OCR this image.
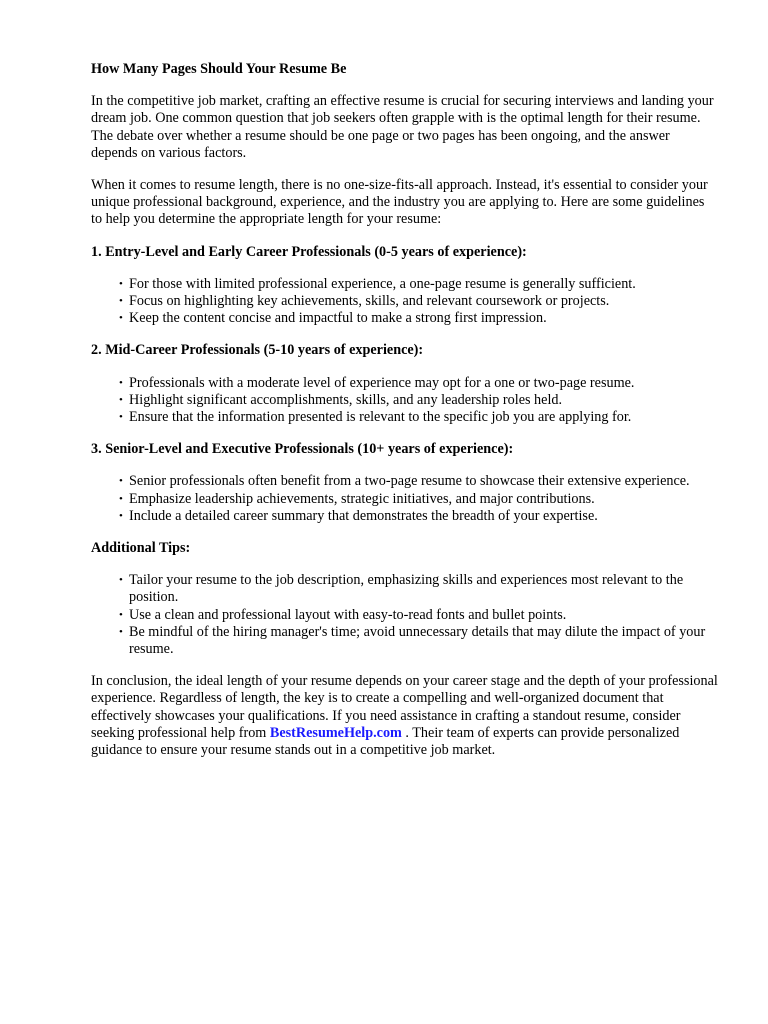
How Many Pages Should Your Resume Be

In the competitive job market, crafting an effective resume is crucial for securing interviews and landing your dream job. One common question that job seekers often grapple with is the optimal length for their resume. The debate over whether a resume should be one page or two pages has been ongoing, and the answer depends on various factors.

When it comes to resume length, there is no one-size-fits-all approach. Instead, it's essential to consider your unique professional background, experience, and the industry you are applying to. Here are some guidelines to help you determine the appropriate length for your resume:

1. Entry-Level and Early Career Professionals (0-5 years of experience):
• For those with limited professional experience, a one-page resume is generally sufficient.
• Focus on highlighting key achievements, skills, and relevant coursework or projects.
• Keep the content concise and impactful to make a strong first impression.
2. Mid-Career Professionals (5-10 years of experience):
• Professionals with a moderate level of experience may opt for a one or two-page resume.
• Highlight significant accomplishments, skills, and any leadership roles held.
• Ensure that the information presented is relevant to the specific job you are applying for.
3. Senior-Level and Executive Professionals (10+ years of experience):
• Senior professionals often benefit from a two-page resume to showcase their extensive experience.
• Emphasize leadership achievements, strategic initiatives, and major contributions.
• Include a detailed career summary that demonstrates the breadth of your expertise.
Additional Tips:
• Tailor your resume to the job description, emphasizing skills and experiences most relevant to the position.
• Use a clean and professional layout with easy-to-read fonts and bullet points.
• Be mindful of the hiring manager's time; avoid unnecessary details that may dilute the impact of your resume.

In conclusion, the ideal length of your resume depends on your career stage and the depth of your professional experience. Regardless of length, the key is to create a compelling and well-organized document that effectively showcases your qualifications. If you need assistance in crafting a standout resume, consider seeking professional help from BestResumeHelp.com . Their team of experts can provide personalized guidance to ensure your resume stands out in a competitive job market.
